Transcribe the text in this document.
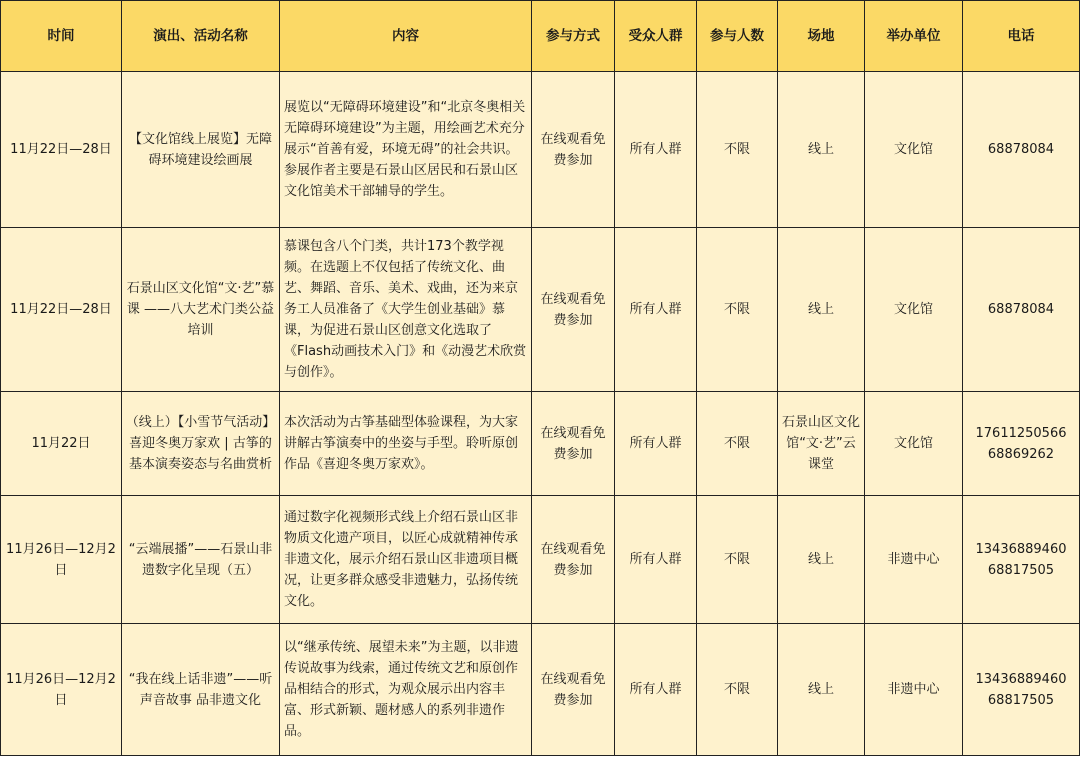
时间	演出、活动名称	内容	参与方式	受众人群	参与人数	场地	举办单位	电话
11月22日—28日	【文化馆线上展览】无障碍环境建设绘画展	展览以“无障碍环境建设”和“北京冬奥相关无障碍环境建设”为主题，用绘画艺术充分展示“首善有爱，环境无碍”的社会共识。参展作者主要是石景山区居民和石景山区文化馆美术干部辅导的学生。	在线观看免费参加	所有人群	不限	线上	文化馆	68878084
11月22日—28日	石景山区文化馆“文·艺”慕课 ——八大艺术门类公益培训	慕课包含八个门类，共计173个教学视频。在选题上不仅包括了传统文化、曲艺、舞蹈、音乐、美术、戏曲，还为来京务工人员准备了《大学生创业基础》慕课，为促进石景山区创意文化选取了《Flash动画技术入门》和《动漫艺术欣赏与创作》。	在线观看免费参加	所有人群	不限	线上	文化馆	68878084
11月22日	（线上）【小雪节气活动】喜迎冬奥万家欢 | 古筝的基本演奏姿态与名曲赏析	本次活动为古筝基础型体验课程，为大家讲解古筝演奏中的坐姿与手型。聆听原创作品《喜迎冬奥万家欢》。	在线观看免费参加	所有人群	不限	石景山区文化馆“文·艺”云课堂	文化馆	17611250566 68869262
11月26日—12月2日	“云端展播”——石景山非遗数字化呈现（五）	通过数字化视频形式线上介绍石景山区非物质文化遗产项目，以匠心成就精神传承非遗文化，展示介绍石景山区非遗项目概况，让更多群众感受非遗魅力，弘扬传统文化。	在线观看免费参加	所有人群	不限	线上	非遗中心	13436889460 68817505
11月26日—12月2日	“我在线上话非遗”——听声音故事 品非遗文化	以“继承传统、展望未来”为主题，以非遗传说故事为线索，通过传统文艺和原创作品相结合的形式，为观众展示出内容丰富、形式新颖、题材感人的系列非遗作品。	在线观看免费参加	所有人群	不限	线上	非遗中心	13436889460 68817505
